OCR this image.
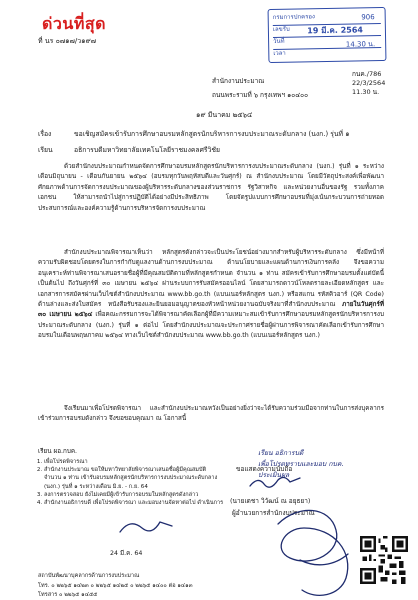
ด่วนที่สุด
ที่ นร ๐๗๑๗/ว๑๙๗
กรมการปกครอง
เลขรับ
วันที่
เวลา
906
19 มี.ค. 2564
14.30 น.
กนค./786
22/3/2564
11.30 น.
สำนักงานประมาณ
ถนนพระรามที่ ๖ กรุงเทพฯ ๑๐๔๐๐
๑๙ มีนาคม ๒๕๖๔
เรื่อง	ขอเชิญสมัครเข้ารับการศึกษาอบรมหลักสูตรนักบริหารการงบประมาณระดับกลาง (นงก.) รุ่นที่ ๑
เรียน	อธิการบดีมหาวิทยาลัยเทคโนโลยีราชมงคลศรีวิชัย
ด้วยสำนักงบประมาณกำหนดจัดการศึกษาอบรมหลักสูตรนักบริหารการงบประมาณระดับกลาง (นงก.) รุ่นที่ ๑ ระหว่างเดือนมิถุนายน - เดือนกันยายน ๒๕๖๔ (อบรมทุกวันพฤหัสบดีและวันศุกร์) ณ สำนักงบประมาณ โดยมีวัตถุประสงค์เพื่อพัฒนาศักยภาพด้านการจัดการงบประมาณของผู้บริหารระดับกลางของส่วนราชการ รัฐวิสาหกิจ และหน่วยงานอื่นของรัฐ รวมทั้งภาคเอกชน ให้สามารถนำไปสู่การปฏิบัติได้อย่างมีประสิทธิภาพ โดยจัดรูปแบบการศึกษาอบรมที่มุ่งเน้นกระบวนการถ่ายทอดประสบการณ์และองค์ความรู้ด้านการบริหารจัดการงบประมาณ
สำนักงบประมาณพิจารณาเห็นว่า หลักสูตรดังกล่าวจะเป็นประโยชน์อย่างมากสำหรับผู้บริหารระดับกลาง ซึ่งมีหน้าที่ความรับผิดชอบโดยตรงในการกำกับดูแลงานด้านการงบประมาณ ด้านนโยบายและแผนด้านการเงินการคลัง จึงขอความอนุเคราะห์ท่านพิจารณาเสนอรายชื่อผู้ที่มีคุณสมบัติตามที่หลักสูตรกำหนด จำนวน ๑ ท่าน สมัครเข้ารับการศึกษาอบรมตั้งแต่บัดนี้เป็นต้นไป ถึงวันศุกร์ที่ ๓๐ เมษายน ๒๕๖๔ ผ่านระบบการรับสมัครออนไลน์ โดยสามารถดาวน์โหลดรายละเอียดหลักสูตร และเอกสารการสมัครผ่านเว็บไซต์สำนักงบประมาณ www.bb.go.th (แบนเนอร์หลักสูตร นงก.) หรือสแกน รหัสคิวอาร์ (QR Code) ด้านล่างและส่งใบสมัคร หนังสือรับรองและยินยอมอนุญาตของหัวหน้าหน่วยงานฉบับจริงมาที่สำนักงบประมาณ ภายในวันศุกร์ที่ ๓๐ เมษายน ๒๕๖๔ เพื่อคณะกรรมการจะได้พิจารณาคัดเลือกผู้ที่มีความเหมาะสมเข้ารับการศึกษาอบรมหลักสูตรนักบริหารการงบประมาณระดับกลาง (นงก.) รุ่นที่ ๑ ต่อไป โดยสำนักงบประมาณจะประกาศรายชื่อผู้ผ่านการพิจารณาคัดเลือกเข้ารับการศึกษาอบรมในเดือนพฤษภาคม ๒๕๖๔ ทางเว็บไซต์สำนักงบประมาณ www.bb.go.th (แบนเนอร์หลักสูตร นงก.)
จึงเรียนมาเพื่อโปรดพิจารณา และสำนักงบประมาณหวังเป็นอย่างยิ่งว่าจะได้รับความร่วมมือจากท่านในการส่งบุคลากรเข้าร่วมการอบรมดังกล่าว จึงขอขอบคุณมา ณ โอกาสนี้
เรียน ผอ.กบค.
1. เพื่อโปรดพิจารณา
2. สำนักงานประมาณ ขอให้มหาวิทยาลัยพิจารณาเสนอชื่อผู้มีคุณสมบัติ จำนวน ๑ ท่าน เข้ารับอบรมหลักสูตรนักบริหารการงบประมาณระดับกลาง (นงก.) รุ่นที่ ๑ ระหว่างเดือน มิ.ย. - ก.ย. 64
3. ลงการตรวจสอบ ยังไม่เคยมีผู้เข้ารับการอบรมในหลักสูตรดังกล่าว
4. สำนักงานอธิการบดี เพื่อโปรดพิจารณา และมอบงานจัดหาต่อไป ดำเนินการ
ขอแสดงความนับถือ
(นายเดชา วิวัฒน์ ณ อยุธยา)
ผู้อำนวยการสำนักงบประมาณ
เรียน อธิการบดี
เพื่อโปรดทราบและมอบ กบค.
ประเมินผล
24 มี.ค. 64
สถาบันพัฒนาบุคลากรด้านการงบประมาณ
โทร. ๐ ๒๒๖๕ ๑๔๒๓ ๐ ๒๒๖๕ ๑๔๒๕ ๐ ๒๒๖๕ ๑๔๐๐ ต่อ ๑๔๑๓
โทรสาร ๐ ๒๒๖๕ ๑๔๕๕
